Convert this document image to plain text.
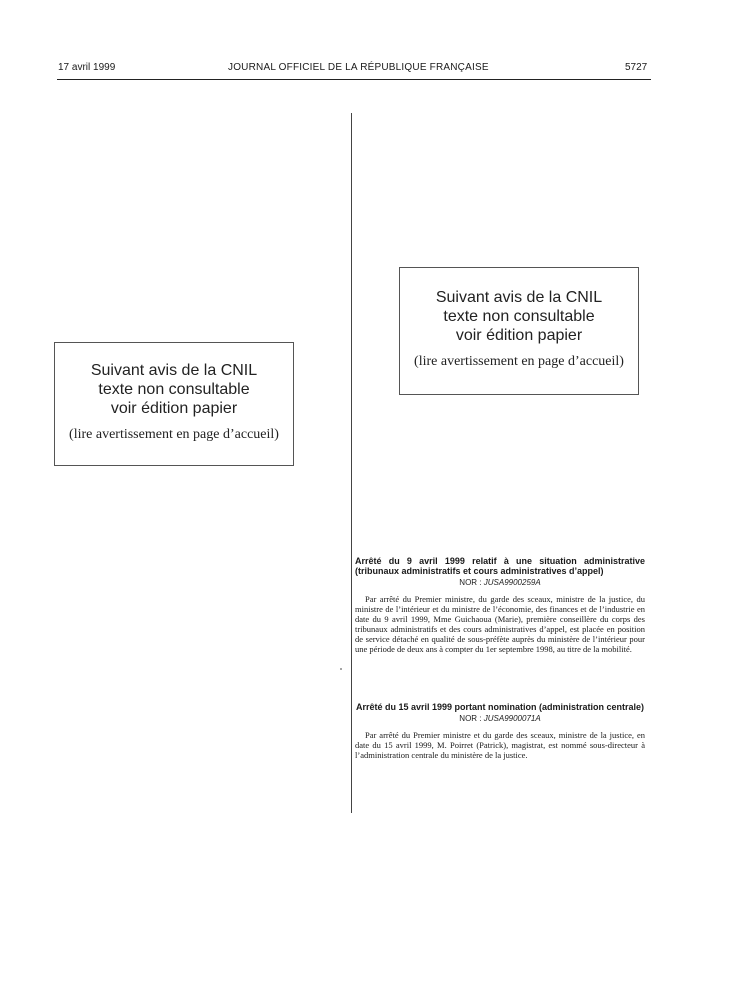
17 avril 1999	JOURNAL OFFICIEL DE LA RÉPUBLIQUE FRANÇAISE	5727
Suivant avis de la CNIL
texte non consultable
voir édition papier
(lire avertissement en page d’accueil)
Suivant avis de la CNIL
texte non consultable
voir édition papier
(lire avertissement en page d’accueil)

Arrêté du 9 avril 1999 relatif à une situation administrative (tribunaux administratifs et cours administratives d’appel)

NOR : JUSA9900259A

Par arrêté du Premier ministre, du garde des sceaux, ministre de la justice, du ministre de l’intérieur et du ministre de l’économie, des finances et de l’industrie en date du 9 avril 1999, Mme Guichaoua (Marie), première conseillère du corps des tribunaux administratifs et des cours administratives d’appel, est placée en position de service détaché en qualité de sous-préfète auprès du ministère de l’intérieur pour une période de deux ans à compter du 1er septembre 1998, au titre de la mobilité.

Arrêté du 15 avril 1999 portant nomination (administration centrale)

NOR : JUSA9900071A

Par arrêté du Premier ministre et du garde des sceaux, ministre de la justice, en date du 15 avril 1999, M. Poirret (Patrick), magistrat, est nommé sous-directeur à l’administration centrale du ministère de la justice.
